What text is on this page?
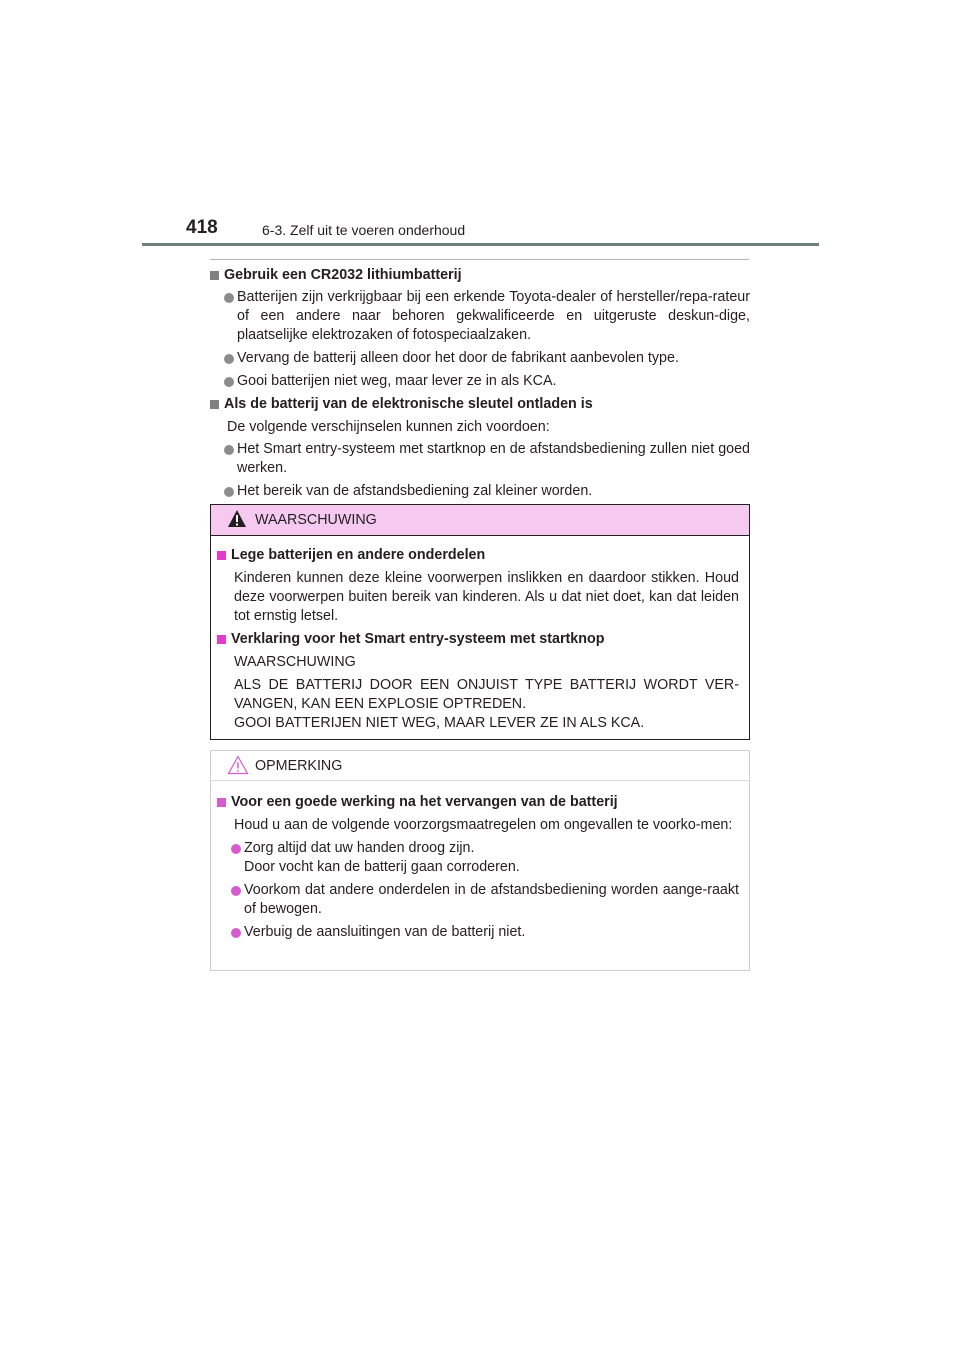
418	6-3. Zelf uit te voeren onderhoud
Gebruik een CR2032 lithiumbatterij
Batterijen zijn verkrijgbaar bij een erkende Toyota-dealer of hersteller/repa-rateur of een andere naar behoren gekwalificeerde en uitgeruste deskun-dige, plaatselijke elektrozaken of fotospeciaalzaken.
Vervang de batterij alleen door het door de fabrikant aanbevolen type.
Gooi batterijen niet weg, maar lever ze in als KCA.
Als de batterij van de elektronische sleutel ontladen is
De volgende verschijnselen kunnen zich voordoen:
Het Smart entry-systeem met startknop en de afstandsbediening zullen niet goed werken.
Het bereik van de afstandsbediening zal kleiner worden.
WAARSCHUWING
Lege batterijen en andere onderdelen
Kinderen kunnen deze kleine voorwerpen inslikken en daardoor stikken. Houd deze voorwerpen buiten bereik van kinderen. Als u dat niet doet, kan dat leiden tot ernstig letsel.
Verklaring voor het Smart entry-systeem met startknop
WAARSCHUWING
ALS DE BATTERIJ DOOR EEN ONJUIST TYPE BATTERIJ WORDT VER-VANGEN, KAN EEN EXPLOSIE OPTREDEN.
GOOI BATTERIJEN NIET WEG, MAAR LEVER ZE IN ALS KCA.
OPMERKING
Voor een goede werking na het vervangen van de batterij
Houd u aan de volgende voorzorgsmaatregelen om ongevallen te voorko-men:
Zorg altijd dat uw handen droog zijn.
Door vocht kan de batterij gaan corroderen.
Voorkom dat andere onderdelen in de afstandsbediening worden aange-raakt of bewogen.
Verbuig de aansluitingen van de batterij niet.
